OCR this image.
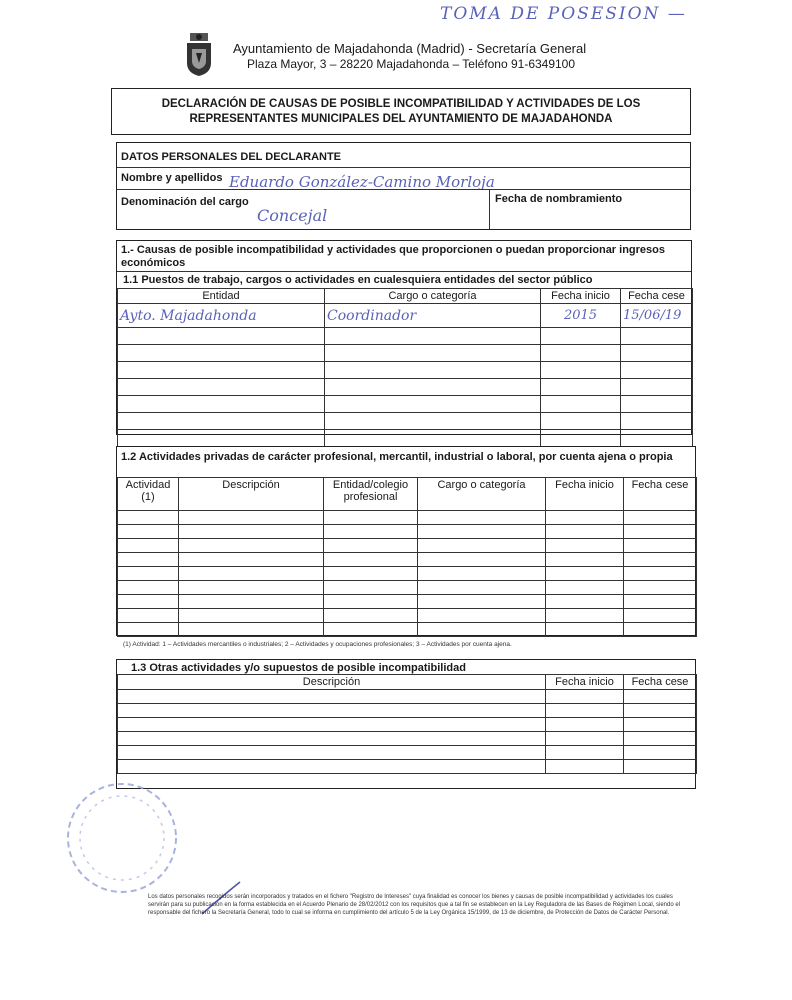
TOMA DE POSESION —
Ayuntamiento de Majadahonda (Madrid) - Secretaría General
Plaza Mayor, 3 – 28220 Majadahonda – Teléfono 91-6349100
DECLARACIÓN DE CAUSAS DE POSIBLE INCOMPATIBILIDAD Y ACTIVIDADES DE LOS
REPRESENTANTES MUNICIPALES DEL AYUNTAMIENTO DE MAJADAHONDA
DATOS PERSONALES DEL DECLARANTE
Nombre y apellidos Eduardo González-Camino Morloja
Denominación del cargo
Concejal
Fecha de nombramiento
1.- Causas de posible incompatibilidad y actividades que proporcionen o puedan proporcionar ingresos económicos
1.1 Puestos de trabajo, cargos o actividades en cualesquiera entidades del sector público
Entidad	Cargo o categoría	Fecha inicio	Fecha cese
Ayto. Majadahonda	Coordinador	2015	15/06/19

1.2 Actividades privadas de carácter profesional, mercantil, industrial o laboral, por cuenta ajena o propia
Actividad (1)	Descripción	Entidad/colegio profesional	Cargo o categoría	Fecha inicio	Fecha cese

(1) Actividad: 1 – Actividades mercantiles o industriales; 2 – Actividades y ocupaciones profesionales; 3 – Actividades por cuenta ajena.
1.3 Otras actividades y/o supuestos de posible incompatibilidad
Descripción	Fecha inicio	Fecha cese

Los datos personales recogidos serán incorporados y tratados en el fichero "Registro de Intereses" cuya finalidad es conocer los bienes y causas de posible incompatibilidad y actividades los cuales servirán para su publicación en la forma establecida en el Acuerdo Plenario de 28/02/2012 con los requisitos que a tal fin se establecen en la Ley Reguladora de las Bases de Régimen Local, siendo el responsable del fichero la Secretaría General, todo lo cual se informa en cumplimiento del artículo 5 de la Ley Orgánica 15/1999, de 13 de diciembre, de Protección de Datos de Carácter Personal.
